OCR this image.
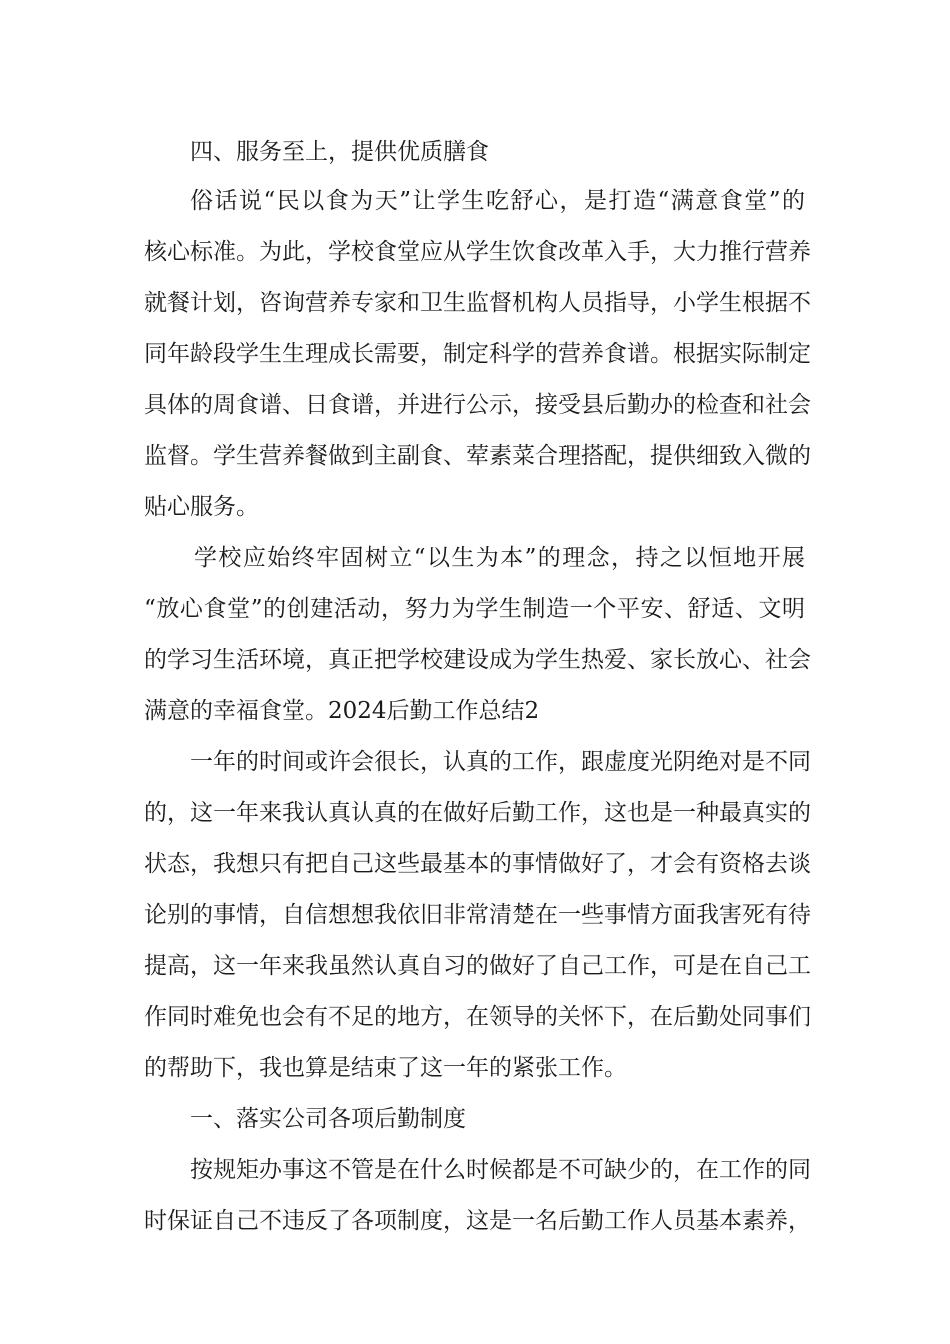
四、服务至上，提供优质膳食
俗话说“民以食为天”让学生吃舒心，是打造“满意食堂”的
核心标准。为此，学校食堂应从学生饮食改革入手，大力推行营养
就餐计划，咨询营养专家和卫生监督机构人员指导，小学生根据不
同年龄段学生生理成长需要，制定科学的营养食谱。根据实际制定
具体的周食谱、日食谱，并进行公示，接受县后勤办的检查和社会
监督。学生营养餐做到主副食、荤素菜合理搭配，提供细致入微的
贴心服务。
学校应始终牢固树立“以生为本”的理念，持之以恒地开展
“放心食堂”的创建活动，努力为学生制造一个平安、舒适、文明
的学习生活环境，真正把学校建设成为学生热爱、家长放心、社会
满意的幸福食堂。2024后勤工作总结2
一年的时间或许会很长，认真的工作，跟虚度光阴绝对是不同
的，这一年来我认真认真的在做好后勤工作，这也是一种最真实的
状态，我想只有把自己这些最基本的事情做好了，才会有资格去谈
论别的事情，自信想想我依旧非常清楚在一些事情方面我害死有待
提高，这一年来我虽然认真自习的做好了自己工作，可是在自己工
作同时难免也会有不足的地方，在领导的关怀下，在后勤处同事们
的帮助下，我也算是结束了这一年的紧张工作。
一、落实公司各项后勤制度
按规矩办事这不管是在什么时候都是不可缺少的，在工作的同
时保证自己不违反了各项制度，这是一名后勤工作人员基本素养，
